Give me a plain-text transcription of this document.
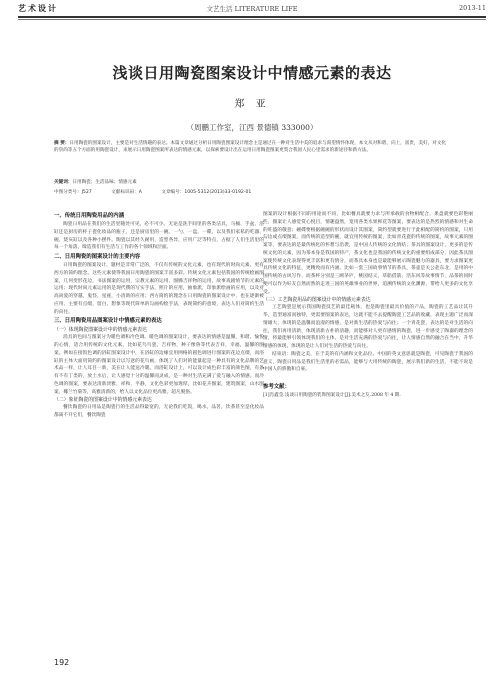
艺术设计	文艺生活 LITERATURE LIFE	2013-11
浅谈日用陶瓷图案设计中情感元素的表达
郑 亚
（周鹏工作室，江西 景德镇 333000）
摘 要：日用陶瓷的图案设计，主要是对生活情趣的表达。本篇文章通过分析日用陶瓷图案设计理念主是通过在一种对生活中美的追求与渴望情怀体现，本文从对和谐，向上，富贵，美好，对文化的崇尚等五个方面的用陶瓷设计，来展示日用陶瓷图案所表达的情感元素，以探索要设计出在运用日用陶瓷图案更契合我国人民心里需求的新途径和新方法。
关键词：日用陶瓷；生活品味；情感元素
中图分类号：J527	文献标识码：A	文章编号：1005-5312(2013)33-0192-01
一、传统日用陶瓷用品的内涵

陶瓷日用品在我们的生活里随处可见，必不可少。无论是洗手间里的各类洁具，马桶、手盆、浴缸还是厨房的杯子瓷化妆品的瓶子，还是厨房里的一碗、一勺、一盘、一碟，以及我们家私的吃器、碗、烧灰缸以及各种小摆件。陶瓷以其经久耐用，造型各异，应用广泛等特点，占据了人们生活里的每一个角落，缔造我们有生活与工作的各个领域和层面。

二、日用陶瓷的图案设计的主要内容

日用陶瓷的图案设计，题材是非常广泛的，不仅有传统的文化元素，也有现代的时尚元素，更有西方的简约理念。这些元素使得我国日用陶瓷的图案丰富多彩。传统文化元素包括我国的传统绘画图案，几何变形花边，书法图案的运用，宗教元素的运用，图腾吉祥物的运用，故事戏剧情节的元素的运用；现代时尚元素运用的是现代撰的写实手法，照片的应用，抽象派，印象派绘画的应用，以及对高尚爱的穿越，鬼怪，星座，小清新的应用；西方简约的理念在日用陶瓷的图案设计中，也在逐渐被应用，主要有点缀，留白，想象等现代简单的勾画构绘手法，表现简约的意境，表达人们对简约生活的向往。

三、日用陶瓷用品图案设计中情感元素的表达
（一）体现陶瓷图案设计中的情感元素表达

消具的色间与图案分为暖色调和冷色调。暖色调的图案设计，要表达的情感是温馨，和谐，愉悦的心情，适合用传统的文化元素，比如花鸟鸟瓷，吉祥物，种子像鲁等代表吉祥，幸福，温馨的图案。例如在接饭色调的浴缸图案设计中，在浴缸的边缘宜用网格的圆色调进行图案的花边点缀，而浴缸的主体大面用简约的图案设计以写意的花鸟画，体现了人们对的能量起是一种具有的文化品牌的艺术品一样，让人耳目一新，美在让人能送冷暖。而浴缸设计上，可以设计成色彩丰富的颜色图，有条有不有丁类的，放上水后，让人感觉十分的温馨而灵成，是一种对生活充满了爱与融入的情感。而冷色调的图案，要表达清新淡雅，祥和，平静，文化色彩更加逸厚，比如花卉图案，建筑图案，山水图案，椰兰竹菊等，高雅清新的，给人以文化品位更高雅，超凡脱俗。

（二）象征陶瓷的图案设计中的情感元素表达

餐饮陶瓷的日用品是陶瓷行的生活品得最宽的，无论我们吃饭，喝水，品茗，饮茶甚至是化妆品都离不开它们，餐饮陶瓷

图案的设计根据不同的用途而不同，比如餐具就要力求与所承载的食物相配合，果盘就要色彩艳丽些，图案让人感觉赏心悦目，情趣盎然，宽用各类水果鲜花等图案，要表达的是热烈的情感和对生命的旺盛的敬意；碗碟要根据碗碗的形状而设计其图案，简约型就要进行于此相配的简约的图案，只用勾边或点缀图案，而传统的造型的碗，就宜用传统的图案，比如青花瓷的传统的图案，故事元素的图案等，要表达的是最传统化的怀想与沿袭，是中国人传统的文化情结；茶具的图案设计，更多的是传统文化的元素，因为茶本身是我国的特产，茶文化也是我国的传统文化的重要组成部分，因此茶具图案使传统文化表现得更丰富和更有情分，而茶具本身也是最能够展示陶瓷魅力的器具，要力求图案更具传统文化的特征，更精致而有内涵。比如一套三国故事情节的茶具，茶壶是关公赴东北，是用的中国传统的古风写作，而茶杯分别是三顾茅庐，桃园结义，草船借箭，浩东风等故事情节，品茶的同时便可以作为好友自然而然的走进三国的英雄事业的世界，追溯传统的文化渊源，带给人更多的文化享受。

（三）工艺陶瓷用品的图案设计中的情感元素表达

工艺陶瓷是展示我国陶瓷技艺的最佳载体，也是陶瓷里最具价值的产品，陶瓷的工艺品让其升华，造型通富而独特，更需要图案的表达，这就不能不去提醒陶瓷工艺品的收藏，表现主题广泛而深情雄大，体现的是温馨而浪漫的情感，是对新生活的热爱与向往；一个青花瓷，表达的是对生活的向往，我们再用清新，体现清新古朴的清趣，而能够对人更有感情的陶瓷，进一步感受了陶器的理念的情，将最能够引领体现我们的主体，是对生活充满的热爱与向往，让人情感自然的融合在当中，升华情感的体现，体现的是让人们对生活的热爱与向往。

结束语：陶瓷之美，在于美的有内涵和文化品位。中国的英文意思就是陶瓷，可见陶瓷于我国的意义，陶瓷日用品是我们生活里的必需品，能够与大用传统的陶瓷，展示我们新的生活，不能不说是中国人的骄傲和自豪。

参考文献：

[1]肖鑫莹.浅谈日用陶瓷的装饰图案设计[J].美术之友.2008 年 4 期.

192
